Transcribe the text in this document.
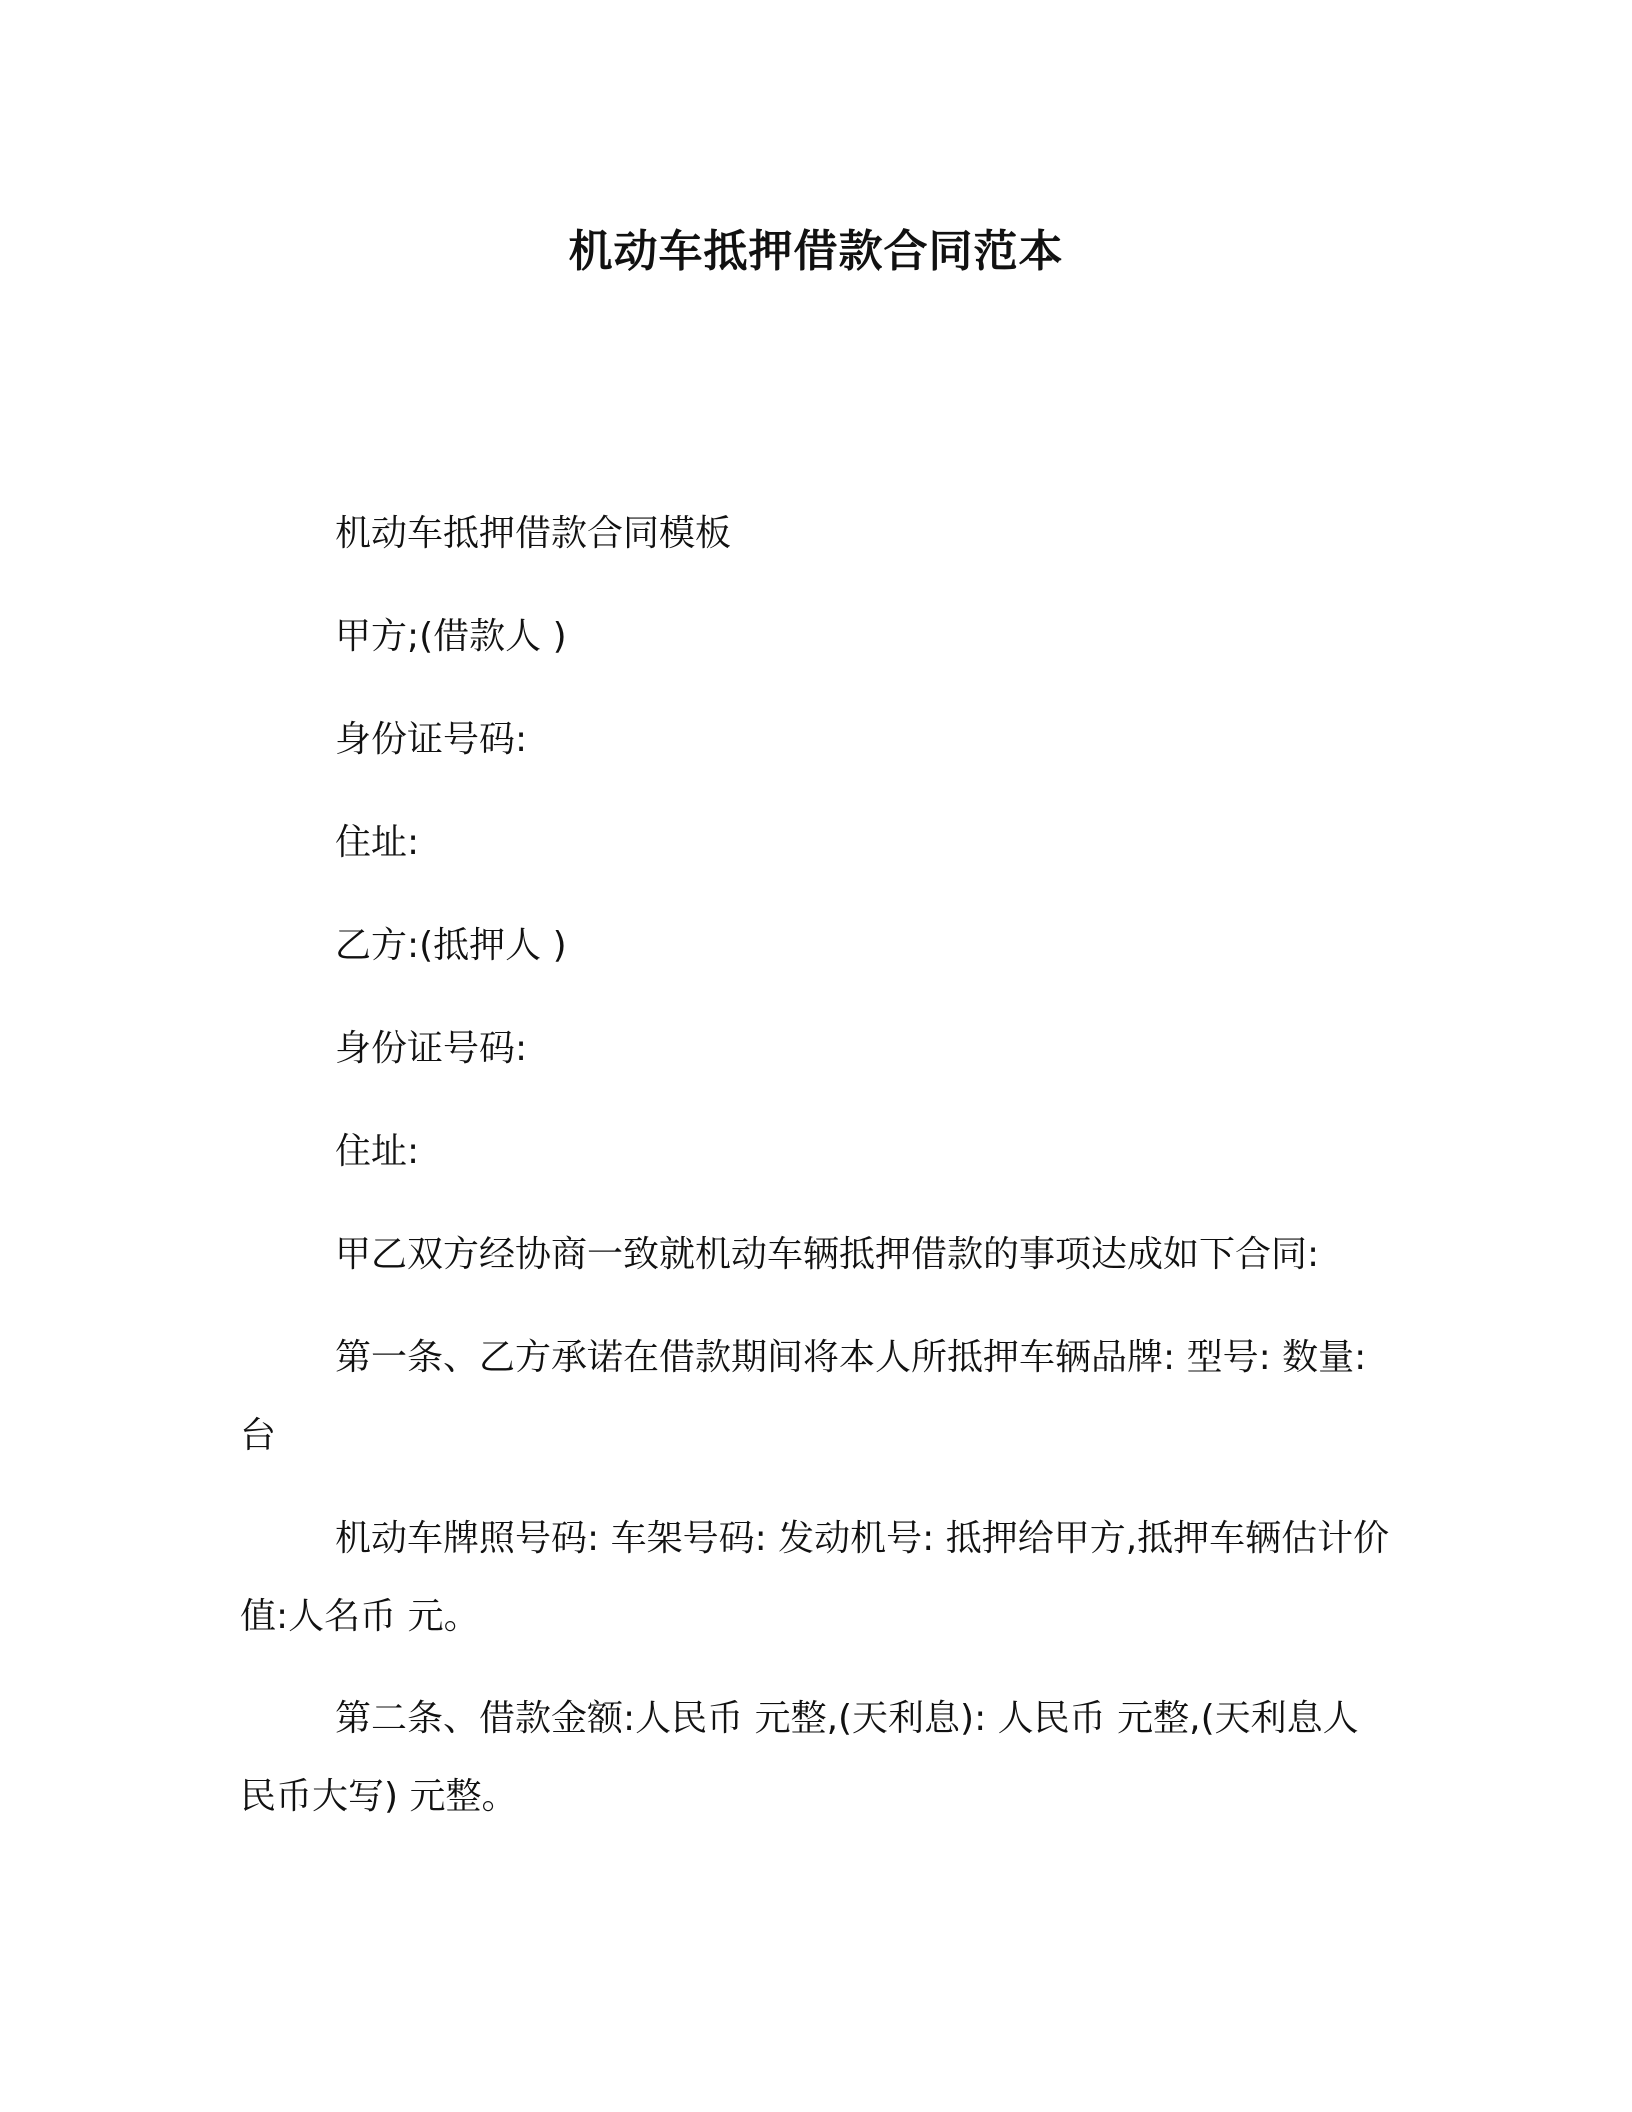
机动车抵押借款合同范本
机动车抵押借款合同模板
甲方;(借款人 )
身份证号码:
住址:
乙方:(抵押人 )
身份证号码:
住址:
甲乙双方经协商一致就机动车辆抵押借款的事项达成如下合同:
第一条、乙方承诺在借款期间将本人所抵押车辆品牌: 型号: 数量: 台
机动车牌照号码: 车架号码: 发动机号: 抵押给甲方,抵押车辆估计价值:人名币 元。
第二条、借款金额:人民币 元整,(天利息): 人民币 元整,(天利息人民币大写) 元整。
